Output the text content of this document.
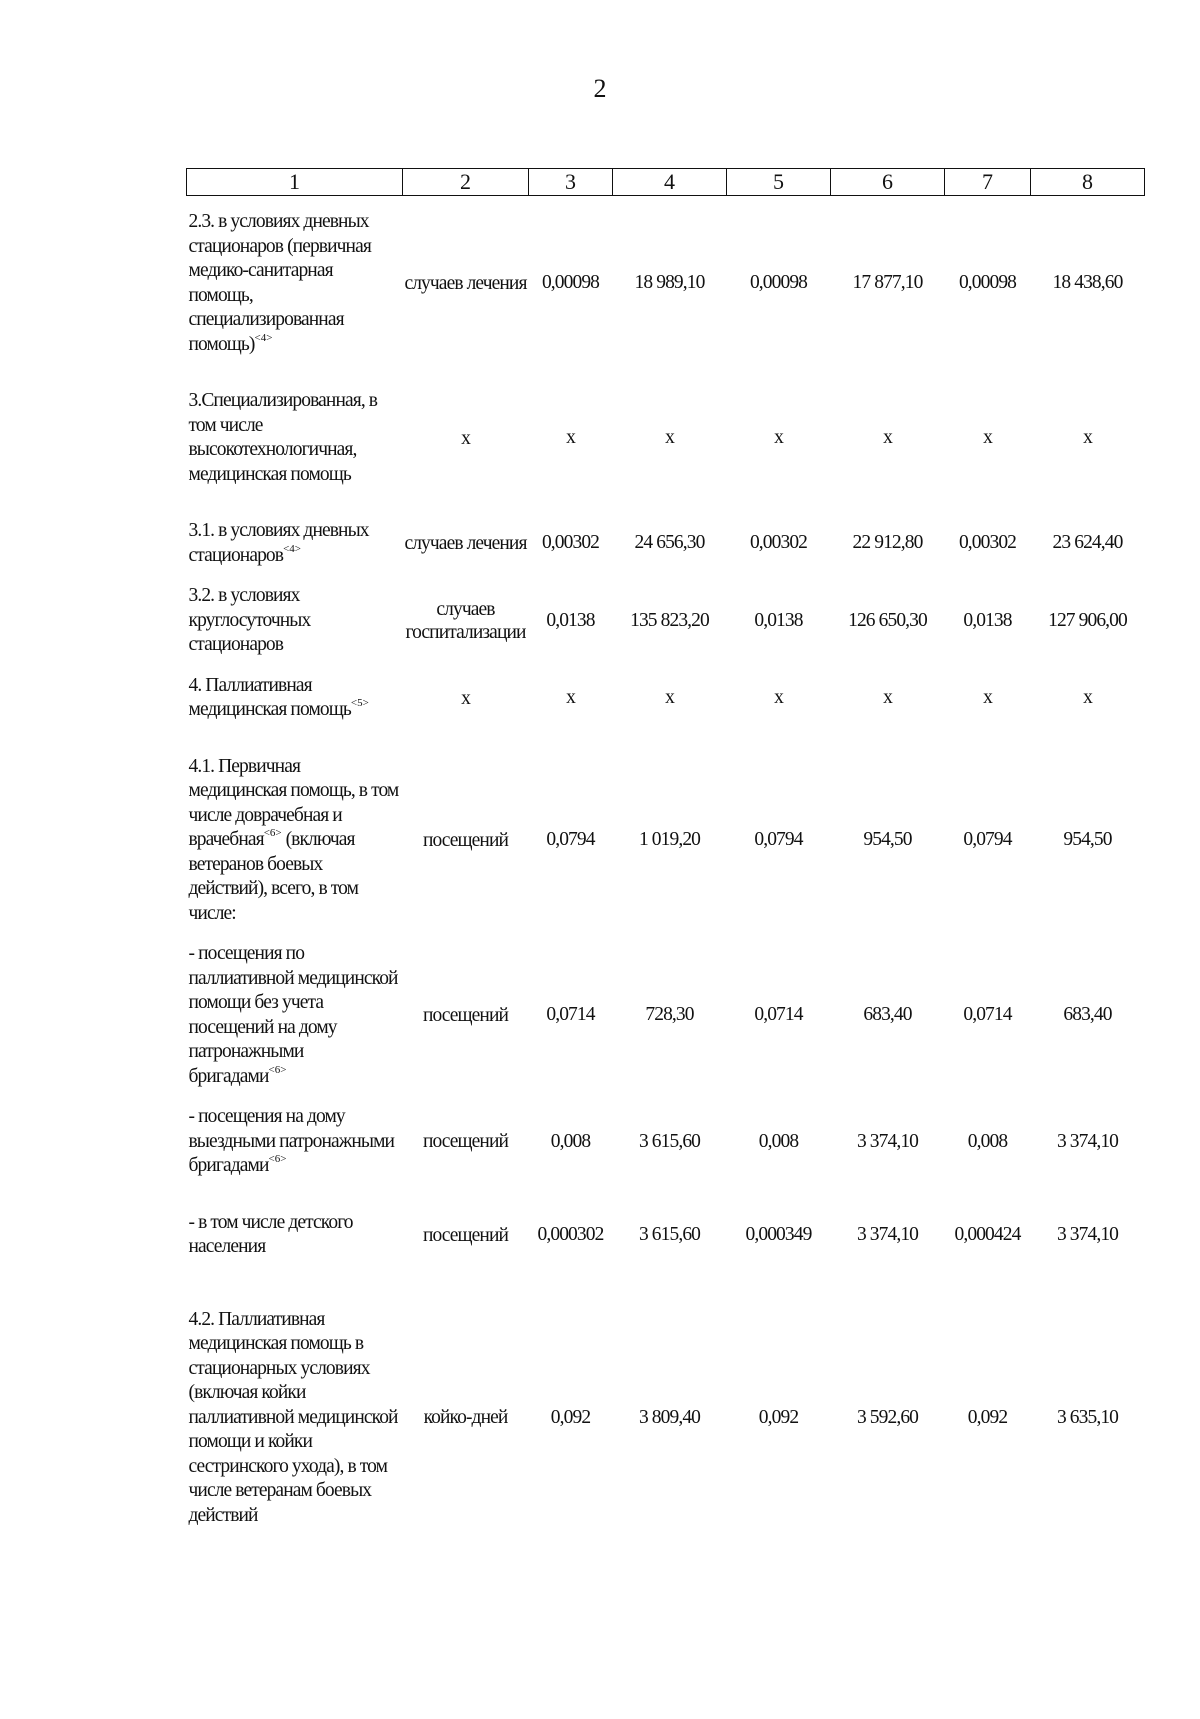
2
1	2	3	4	5	6	7	8
2.3. в условиях дневных стационаров (первичная медико-санитарная помощь, специализированная помощь)$^{<4>}$	случаев лечения	0,00098	18 989,10	0,00098	17 877,10	0,00098	18 438,60
3.Специализированная, в том числе высокотехнологичная, медицинская помощь	х	х	х	х	х	х	х
3.1. в условиях дневных стационаров$^{<4>}$	случаев лечения	0,00302	24 656,30	0,00302	22 912,80	0,00302	23 624,40
3.2. в условиях круглосуточных стационаров	случаев госпитализации	0,0138	135 823,20	0,0138	126 650,30	0,0138	127 906,00
4. Паллиативная медицинская помощь$^{<5>}$	х	х	х	х	х	х	х
4.1. Первичная медицинская помощь, в том числе доврачебная и врачебная$^{<6>}$ (включая ветеранов боевых действий), всего, в том числе:	посещений	0,0794	1 019,20	0,0794	954,50	0,0794	954,50
- посещения по паллиативной медицинской помощи без учета посещений на дому патронажными бригадами$^{<6>}$	посещений	0,0714	728,30	0,0714	683,40	0,0714	683,40
- посещения на дому выездными патронажными бригадами$^{<6>}$	посещений	0,008	3 615,60	0,008	3 374,10	0,008	3 374,10
- в том числе детского населения	посещений	0,000302	3 615,60	0,000349	3 374,10	0,000424	3 374,10
4.2. Паллиативная медицинская помощь в стационарных условиях (включая койки паллиативной медицинской помощи и койки сестринского ухода), в том числе ветеранам боевых действий	койко-дней	0,092	3 809,40	0,092	3 592,60	0,092	3 635,10
